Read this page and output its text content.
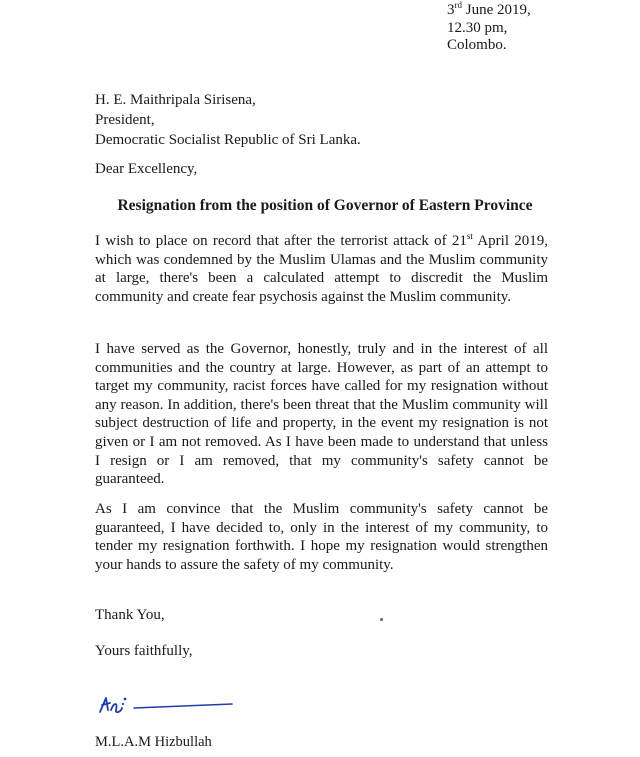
3rd June 2019,
12.30 pm,
Colombo.
H. E. Maithripala Sirisena,
President,
Democratic Socialist Republic of Sri Lanka.
Dear Excellency,
Resignation from the position of Governor of Eastern Province

I wish to place on record that after the terrorist attack of 21st April 2019, which was condemned by the Muslim Ulamas and the Muslim community at large, there's been a calculated attempt to discredit the Muslim community and create fear psychosis against the Muslim community.

I have served as the Governor, honestly, truly and in the interest of all communities and the country at large. However, as part of an attempt to target my community, racist forces have called for my resignation without any reason. In addition, there's been threat that the Muslim community will subject destruction of life and property, in the event my resignation is not given or I am not removed. As I have been made to understand that unless I resign or I am removed, that my community's safety cannot be guaranteed.

As I am convince that the Muslim community's safety cannot be guaranteed, I have decided to, only in the interest of my community, to tender my resignation forthwith. I hope my resignation would strengthen your hands to assure the safety of my community.

Thank You,
Yours faithfully,
M.L.A.M Hizbullah
